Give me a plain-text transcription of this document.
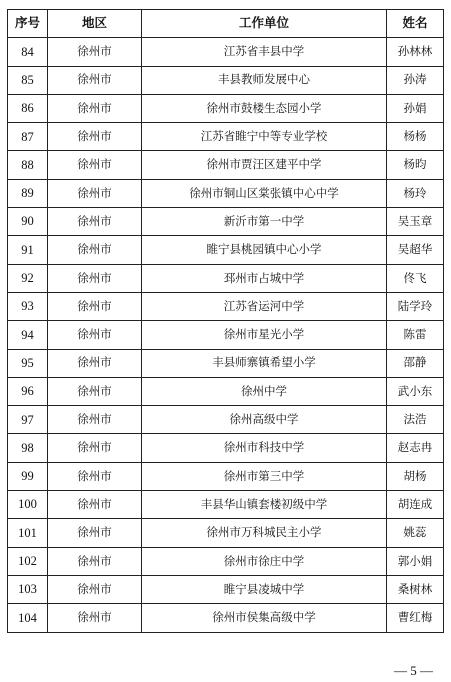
序号	地区	工作单位	姓名
84	徐州市	江苏省丰县中学	孙林林
85	徐州市	丰县教师发展中心	孙涛
86	徐州市	徐州市鼓楼生态园小学	孙娟
87	徐州市	江苏省睢宁中等专业学校	杨杨
88	徐州市	徐州市贾汪区建平中学	杨昀
89	徐州市	徐州市铜山区棠张镇中心中学	杨玲
90	徐州市	新沂市第一中学	吴玉章
91	徐州市	睢宁县桃园镇中心小学	吴超华
92	徐州市	邳州市占城中学	佟飞
93	徐州市	江苏省运河中学	陆学玲
94	徐州市	徐州市星光小学	陈雷
95	徐州市	丰县师寨镇希望小学	邵静
96	徐州市	徐州中学	武小东
97	徐州市	徐州高级中学	法浩
98	徐州市	徐州市科技中学	赵志冉
99	徐州市	徐州市第三中学	胡杨
100	徐州市	丰县华山镇套楼初级中学	胡连成
101	徐州市	徐州市万科城民主小学	姚蕊
102	徐州市	徐州市徐庄中学	郭小娟
103	徐州市	睢宁县凌城中学	桑树林
104	徐州市	徐州市侯集高级中学	曹红梅
— 5 —
